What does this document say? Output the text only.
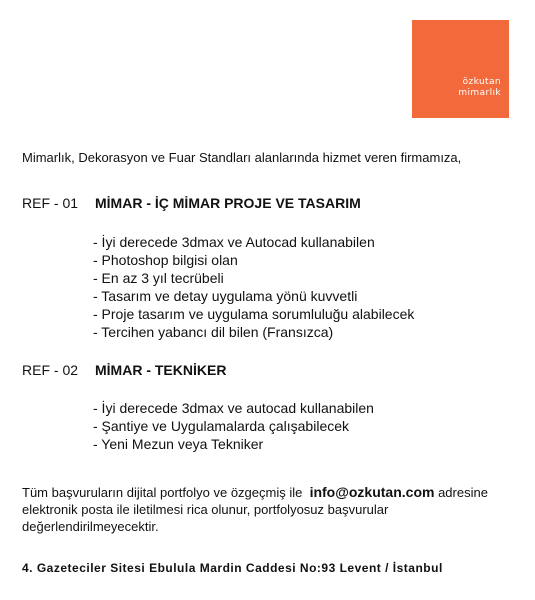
özkutan
mimarlık
Mimarlık, Dekorasyon ve Fuar Standları alanlarında hizmet veren firmamıza,
REF - 01 MİMAR - İÇ MİMAR PROJE VE TASARIM
- İyi derecede 3dmax ve Autocad kullanabilen
- Photoshop bilgisi olan
- En az 3 yıl tecrübeli
- Tasarım ve detay uygulama yönü kuvvetli
- Proje tasarım ve uygulama sorumluluğu alabilecek
- Tercihen yabancı dil bilen (Fransızca)
REF - 02 MİMAR - TEKNİKER
- İyi derecede 3dmax ve autocad kullanabilen
- Şantiye ve Uygulamalarda çalışabilecek
- Yeni Mezun veya Tekniker
Tüm başvuruların dijital portfolyo ve özgeçmiş ile info@ozkutan.com adresine elektronik posta ile iletilmesi rica olunur, portfolyosuz başvurular değerlendirilmeyecektir.
4. Gazeteciler Sitesi Ebulula Mardin Caddesi No:93 Levent / İstanbul
